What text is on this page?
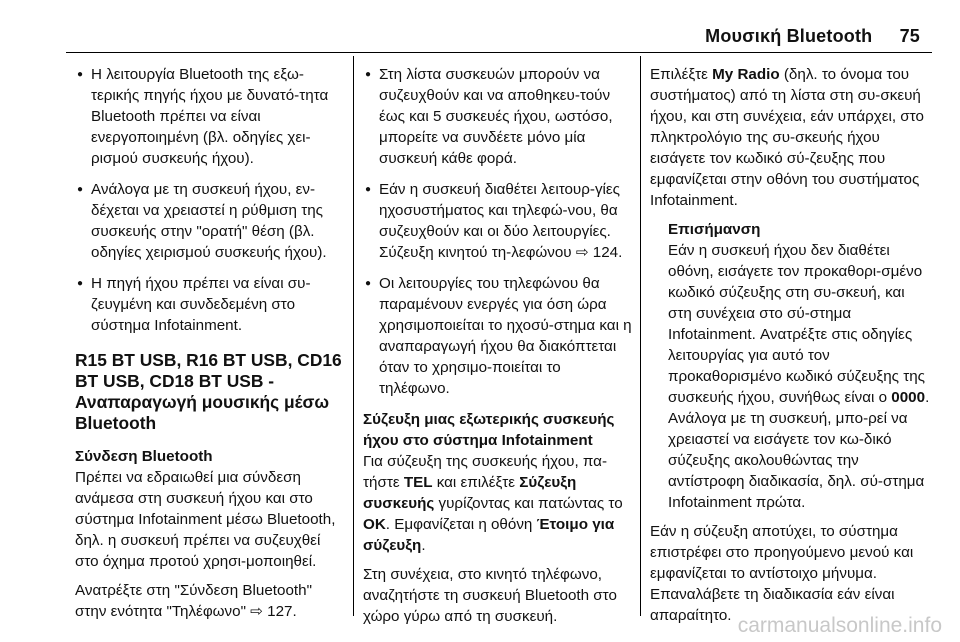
Μουσική Bluetooth 75
● Η λειτουργία Bluetooth της εξω-τερικής πηγής ήχου με δυνατό-τητα Bluetooth πρέπει να είναι ενεργοποιημένη (βλ. οδηγίες χει-ρισμού συσκευής ήχου).
● Ανάλογα με τη συσκευή ήχου, εν-δέχεται να χρειαστεί η ρύθμιση της συσκευής στην "ορατή" θέση (βλ. οδηγίες χειρισμού συσκευής ήχου).
● Η πηγή ήχου πρέπει να είναι συ-ζευγμένη και συνδεδεμένη στο σύστημα Infotainment.
R15 BT USB, R16 BT USB, CD16 BT USB, CD18 BT USB - Αναπαραγωγή μουσικής μέσω Bluetooth
Σύνδεση Bluetooth

Πρέπει να εδραιωθεί μια σύνδεση ανάμεσα στη συσκευή ήχου και στο σύστημα Infotainment μέσω Bluetooth, δηλ. η συσκευή πρέπει να συζευχθεί στο όχημα προτού χρησι-μοποιηθεί.

Ανατρέξτε στη "Σύνδεση Bluetooth" στην ενότητα "Τηλέφωνο" ⇨ 127.

● Στη λίστα συσκευών μπορούν να συζευχθούν και να αποθηκευ-τούν έως και 5 συσκευές ήχου, ωστόσο, μπορείτε να συνδέετε μόνο μία συσκευή κάθε φορά.
● Εάν η συσκευή διαθέτει λειτουρ-γίες ηχοσυστήματος και τηλεφώ-νου, θα συζευχθούν και οι δύο λειτουργίες. Σύζευξη κινητού τη-λεφώνου ⇨ 124.
● Οι λειτουργίες του τηλεφώνου θα παραμένουν ενεργές για όση ώρα χρησιμοποιείται το ηχοσύ-στημα και η αναπαραγωγή ήχου θα διακόπτεται όταν το χρησιμο-ποιείται το τηλέφωνο.
Σύζευξη μιας εξωτερικής συσκευής ήχου στο σύστημα Infotainment

Για σύζευξη της συσκευής ήχου, πα-τήστε TEL και επιλέξτε Σύζευξη συσκευής γυρίζοντας και πατώντας το OK. Εμφανίζεται η οθόνη Έτοιμο για σύζευξη.

Στη συνέχεια, στο κινητό τηλέφωνο, αναζητήστε τη συσκευή Bluetooth στο χώρο γύρω από τη συσκευή.

Επιλέξτε My Radio (δηλ. το όνομα του συστήματος) από τη λίστα στη συ-σκευή ήχου, και στη συνέχεια, εάν υπάρχει, στο πληκτρολόγιο της συ-σκευής ήχου εισάγετε τον κωδικό σύ-ζευξης που εμφανίζεται στην οθόνη του συστήματος Infotainment.

Επισήμανση
Εάν η συσκευή ήχου δεν διαθέτει οθόνη, εισάγετε τον προκαθορι-σμένο κωδικό σύζευξης στη συ-σκευή, και στη συνέχεια στο σύ-στημα Infotainment. Ανατρέξτε στις οδηγίες λειτουργίας για αυτό τον προκαθορισμένο κωδικό σύζευξης της συσκευής ήχου, συνήθως είναι ο 0000. Ανάλογα με τη συσκευή, μπο-ρεί να χρειαστεί να εισάγετε τον κω-δικό σύζευξης ακολουθώντας την αντίστροφη διαδικασία, δηλ. σύ-στημα Infotainment πρώτα.

Εάν η σύζευξη αποτύχει, το σύστημα επιστρέφει στο προηγούμενο μενού και εμφανίζεται το αντίστοιχο μήνυμα. Επαναλάβετε τη διαδικασία εάν είναι απαραίτητο. carmanualsonline.info
